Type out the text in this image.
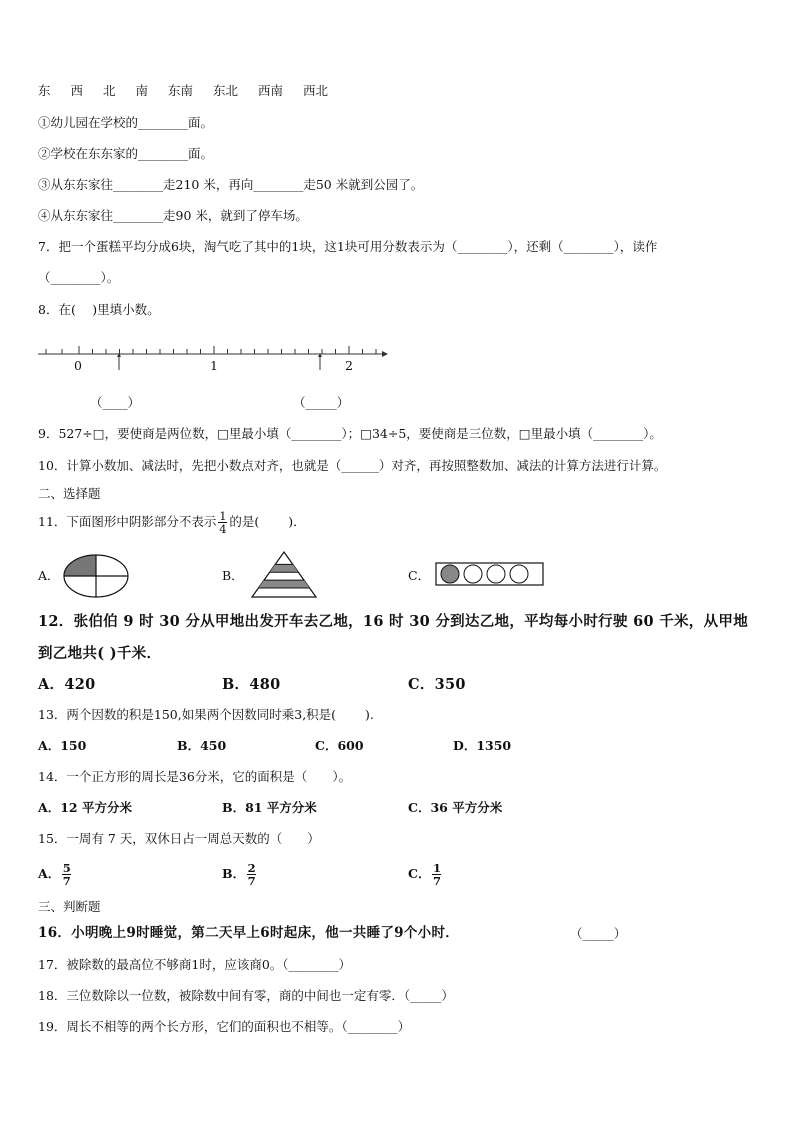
东 西 北 南 东南 东北 西南 西北
①幼儿园在学校的________面。
②学校在东东家的________面。
③从东东家往________走210 米，再向________走50 米就到公园了。
④从东东家往________走90 米，就到了停车场。
7．把一个蛋糕平均分成6块，淘气吃了其中的1块，这1块可用分数表示为（________），还剩（________），读作
（________）。
8．在(　 )里填小数。
0	1	2
（____）	（_____）
9．527÷□，要使商是两位数，□里最小填（________）；□34÷5，要使商是三位数，□里最小填（________）。
10．计算小数加、减法时，先把小数点对齐，也就是（______）对齐，再按照整数加、减法的计算方法进行计算。
二、选择题
11．下面图形中阴影部分不表示 $\frac{1}{4}$ 的是(　　 )．
A．	B．	C．
12．张伯伯 9 时 30 分从甲地出发开车去乙地，16 时 30 分到达乙地，平均每小时行驶 60 千米，从甲地
到乙地共( )千米．
A．420	B．480	C．350
13．两个因数的积是150,如果两个因数同时乘3,积是(　　 ).
A．150	B．450	C．600	D．1350
14．一个正方形的周长是36分米，它的面积是（　　）。
A．12 平方分米	B．81 平方分米	C．36 平方分米
15．一周有 7 天，双休日占一周总天数的（　　）
A． $\frac{5}{7}$	B． $\frac{2}{7}$	C． $\frac{1}{7}$
三、判断题
16．小明晚上9时睡觉，第二天早上6时起床，他一共睡了9个小时．	（_____）
17．被除数的最高位不够商1时，应该商0。（________）
18．三位数除以一位数，被除数中间有零，商的中间也一定有零．（_____）
19．周长不相等的两个长方形，它们的面积也不相等。（________）
